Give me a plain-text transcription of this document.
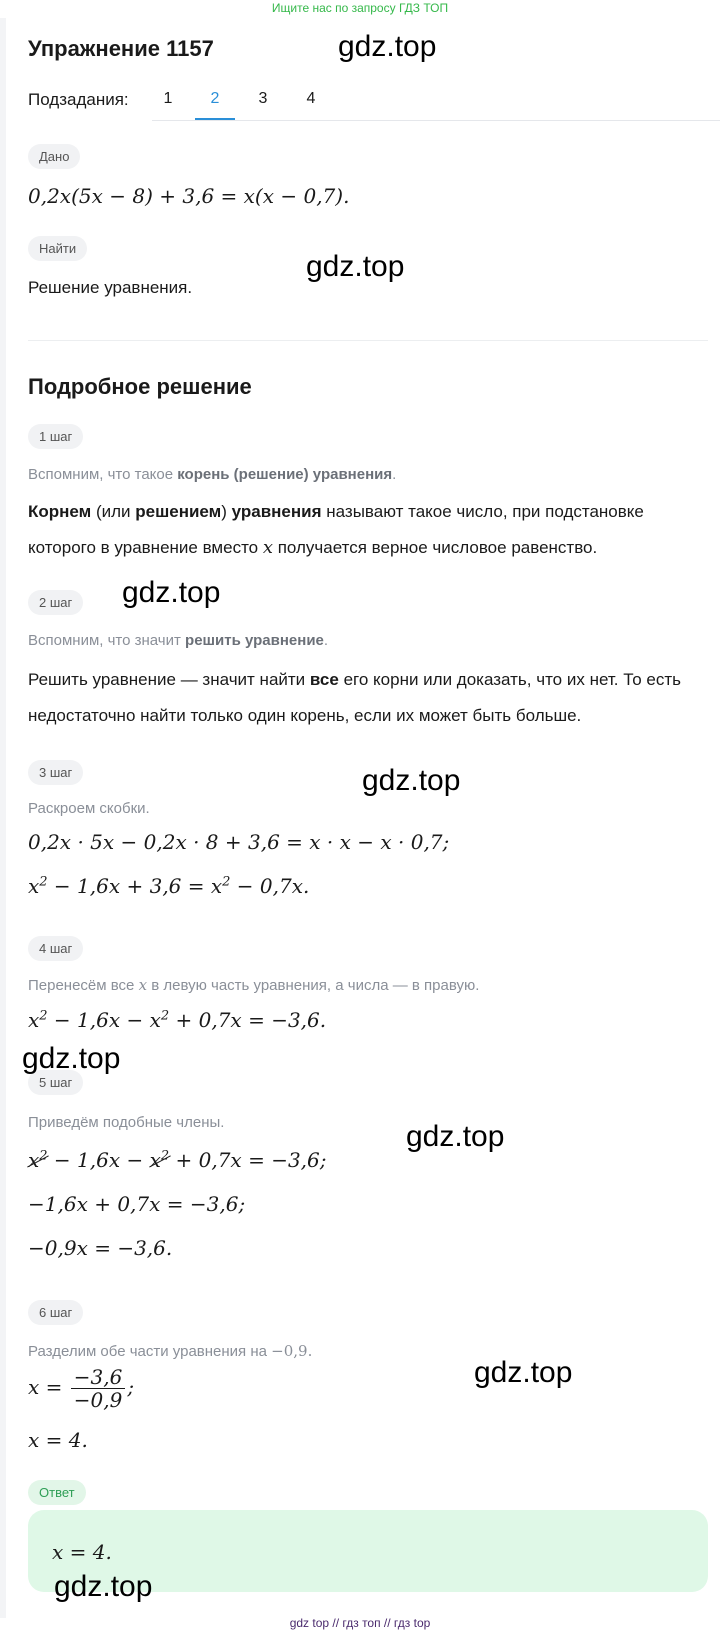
Ищите нас по запросу ГДЗ ТОП
Упражнение 1157
Подзадания:	1	2	3	4
Дано
0,2x(5x − 8) + 3,6 = x(x − 0,7).
Найти
Решение уравнения.
Подробное решение
1 шаг
Вспомним, что такое корень (решение) уравнения.
Корнем (или решением) уравнения называют такое число, при подстановке которого в уравнение вместо x получается верное числовое равенство.
2 шаг
Вспомним, что значит решить уравнение.
Решить уравнение — значит найти все его корни или доказать, что их нет. То есть недостаточно найти только один корень, если их может быть больше.
3 шаг
Раскроем скобки.
0,2x · 5x − 0,2x · 8 + 3,6 = x · x − x · 0,7;
$x^2 - 1,6x + 3,6 = x^2 - 0,7x$.
4 шаг
Перенесём все x в левую часть уравнения, а числа — в правую.
$x^2 - 1,6x - x^2 + 0,7x = -3,6$.
5 шаг
Приведём подобные члены.
$x^2 - 1,6x - x^2 + 0,7x = -3,6$;
−1,6x + 0,7x = −3,6;
−0,9x = −3,6.
6 шаг
Разделим обе части уравнения на −0,9.
$x = \frac{-3,6}{-0,9}$ ;
x = 4.
Ответ
x = 4.
gdz.top
gdz.top
gdz.top
gdz.top
gdz.top
gdz.top
gdz.top
gdz.top
gdz top // гдз топ // гдз top
